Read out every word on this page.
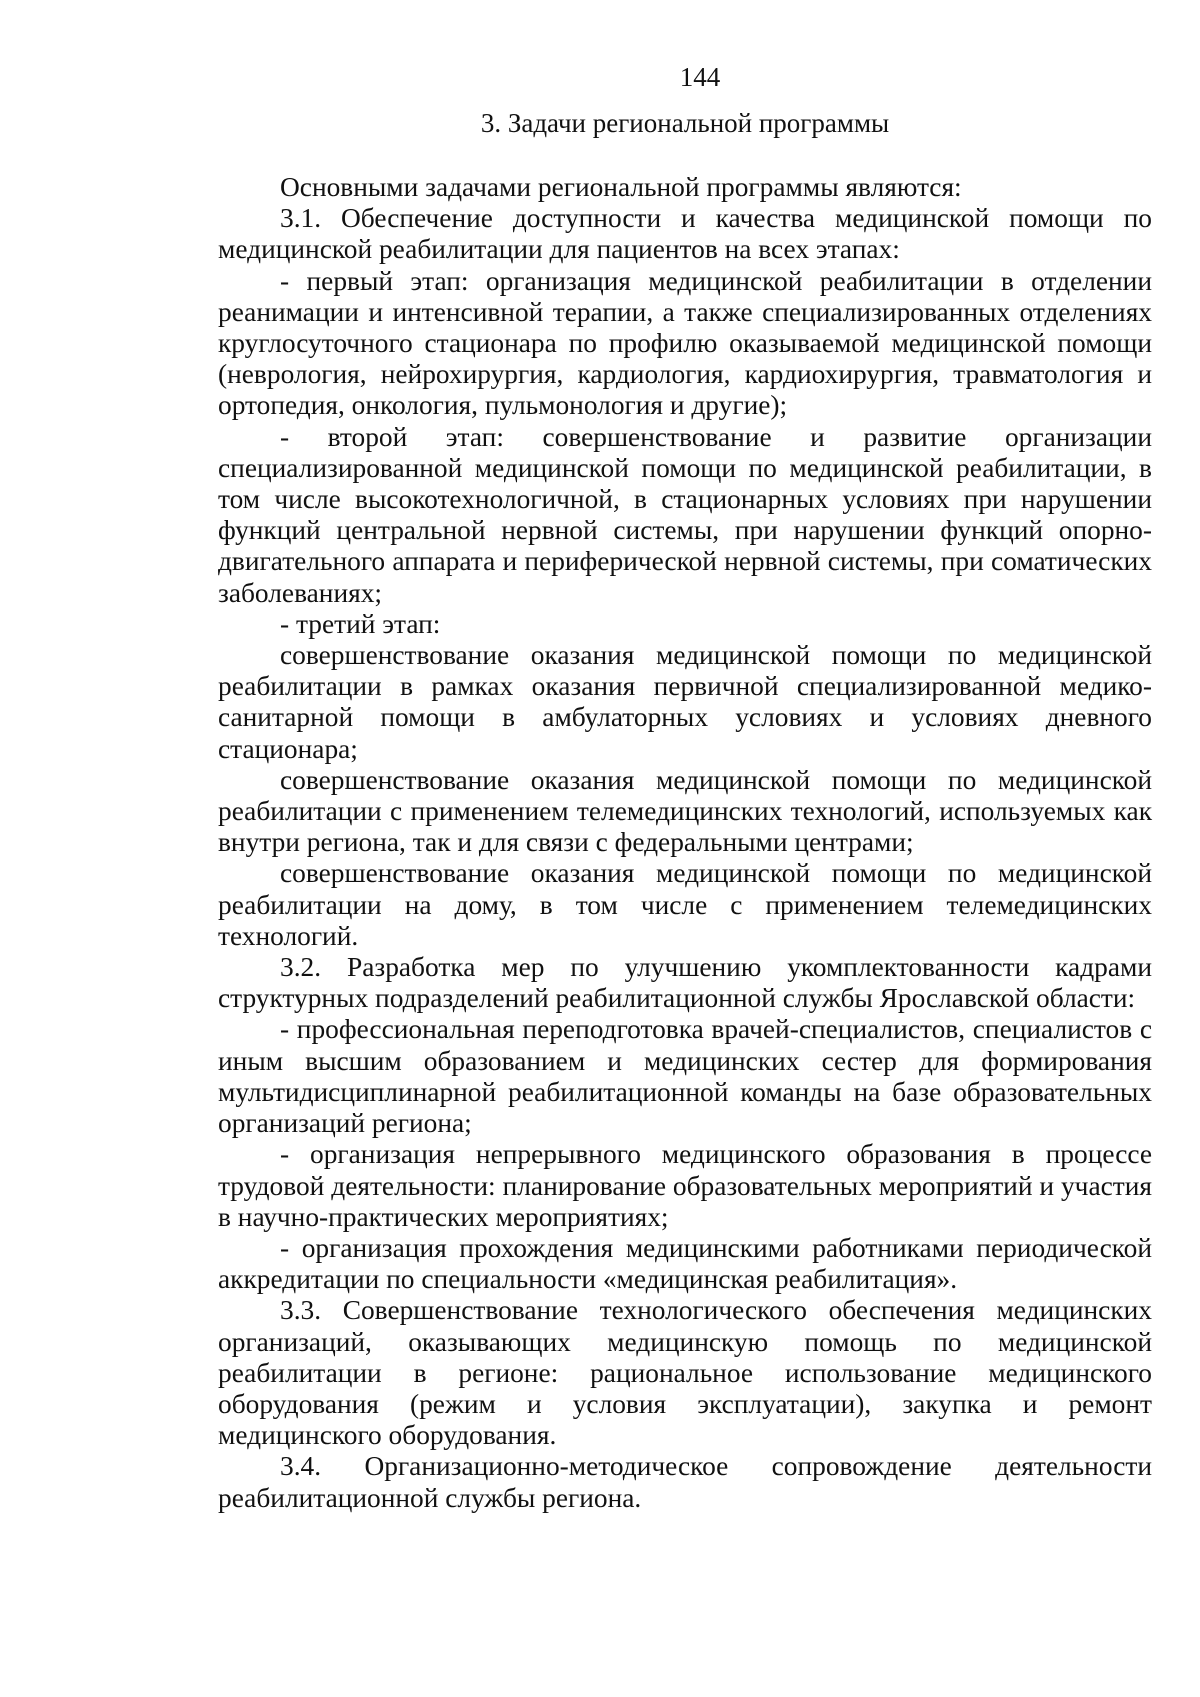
144
3. Задачи региональной программы

Основными задачами региональной программы являются:

3.1. Обеспечение доступности и качества медицинской помощи по медицинской реабилитации для пациентов на всех этапах:

- первый этап: организация медицинской реабилитации в отделении реанимации и интенсивной терапии, а также специализированных отделениях круглосуточного стационара по профилю оказываемой медицинской помощи (неврология, нейрохирургия, кардиология, кардиохирургия, травматология и ортопедия, онкология, пульмонология и другие);

- второй этап: совершенствование и развитие организации специализированной медицинской помощи по медицинской реабилитации, в том числе высокотехнологичной, в стационарных условиях при нарушении функций центральной нервной системы, при нарушении функций опорно-двигательного аппарата и периферической нервной системы, при соматических заболеваниях;

- третий этап:

совершенствование оказания медицинской помощи по медицинской реабилитации в рамках оказания первичной специализированной медико-санитарной помощи в амбулаторных условиях и условиях дневного стационара;

совершенствование оказания медицинской помощи по медицинской реабилитации с применением телемедицинских технологий, используемых как внутри региона, так и для связи с федеральными центрами;

совершенствование оказания медицинской помощи по медицинской реабилитации на дому, в том числе с применением телемедицинских технологий.

3.2. Разработка мер по улучшению укомплектованности кадрами структурных подразделений реабилитационной службы Ярославской области:

- профессиональная переподготовка врачей-специалистов, специалистов с иным высшим образованием и медицинских сестер для формирования мультидисциплинарной реабилитационной команды на базе образовательных организаций региона;

- организация непрерывного медицинского образования в процессе трудовой деятельности: планирование образовательных мероприятий и участия в научно-практических мероприятиях;

- организация прохождения медицинскими работниками периодической аккредитации по специальности «медицинская реабилитация».

3.3. Совершенствование технологического обеспечения медицинских организаций, оказывающих медицинскую помощь по медицинской реабилитации в регионе: рациональное использование медицинского оборудования (режим и условия эксплуатации), закупка и ремонт медицинского оборудования.

3.4. Организационно-методическое сопровождение деятельности реабилитационной службы региона.
